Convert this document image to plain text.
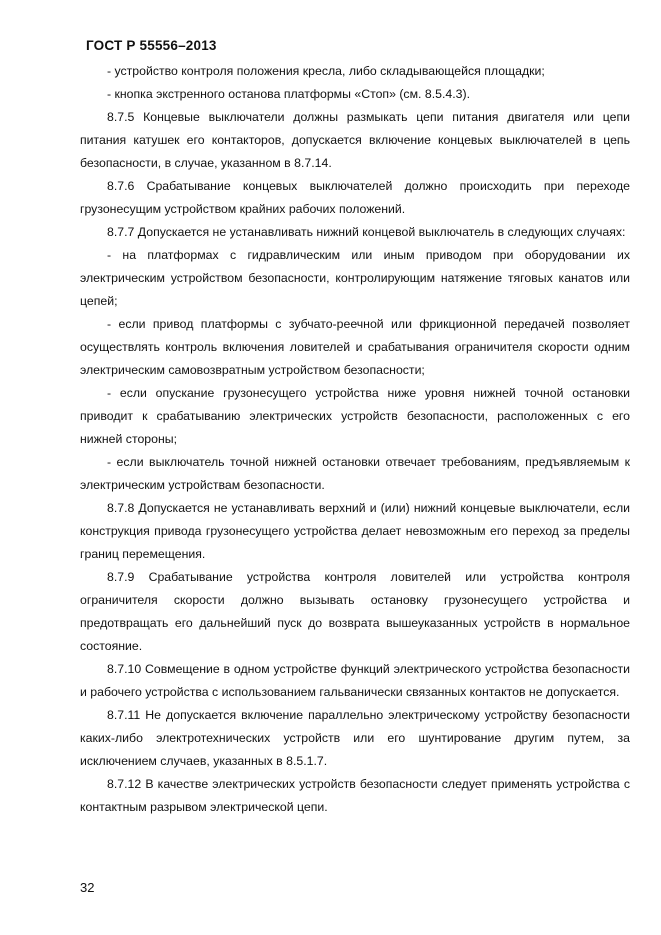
ГОСТ Р 55556–2013

- устройство контроля положения кресла, либо складывающейся площадки;

- кнопка экстренного останова платформы «Стоп» (см. 8.5.4.3).

8.7.5 Концевые выключатели должны размыкать цепи питания двигателя или цепи питания катушек его контакторов, допускается включение концевых выключателей в цепь безопасности, в случае, указанном в 8.7.14.

8.7.6 Срабатывание концевых выключателей должно происходить при переходе грузонесущим устройством крайних рабочих положений.

8.7.7 Допускается не устанавливать нижний концевой выключатель в следующих случаях:

- на платформах с гидравлическим или иным приводом при оборудовании их электрическим устройством безопасности, контролирующим натяжение тяговых канатов или цепей;

- если привод платформы с зубчато-реечной или фрикционной передачей позволяет осуществлять контроль включения ловителей и срабатывания ограничителя скорости одним электрическим самовозвратным устройством безопасности;

- если опускание грузонесущего устройства ниже уровня нижней точной остановки приводит к срабатыванию электрических устройств безопасности, расположенных с его нижней стороны;

- если выключатель точной нижней остановки отвечает требованиям, предъявляемым к электрическим устройствам безопасности.

8.7.8 Допускается не устанавливать верхний и (или) нижний концевые выключатели, если конструкция привода грузонесущего устройства делает невозможным его переход за пределы границ перемещения.

8.7.9 Срабатывание устройства контроля ловителей или устройства контроля ограничителя скорости должно вызывать остановку грузонесущего устройства и предотвращать его дальнейший пуск до возврата вышеуказанных устройств в нормальное состояние.

8.7.10 Совмещение в одном устройстве функций электрического устройства безопасности и рабочего устройства с использованием гальванически связанных контактов не допускается.

8.7.11 Не допускается включение параллельно электрическому устройству безопасности каких-либо электротехнических устройств или его шунтирование другим путем, за исключением случаев, указанных в 8.5.1.7.

8.7.12 В качестве электрических устройств безопасности следует применять устройства с контактным разрывом электрической цепи.

32
